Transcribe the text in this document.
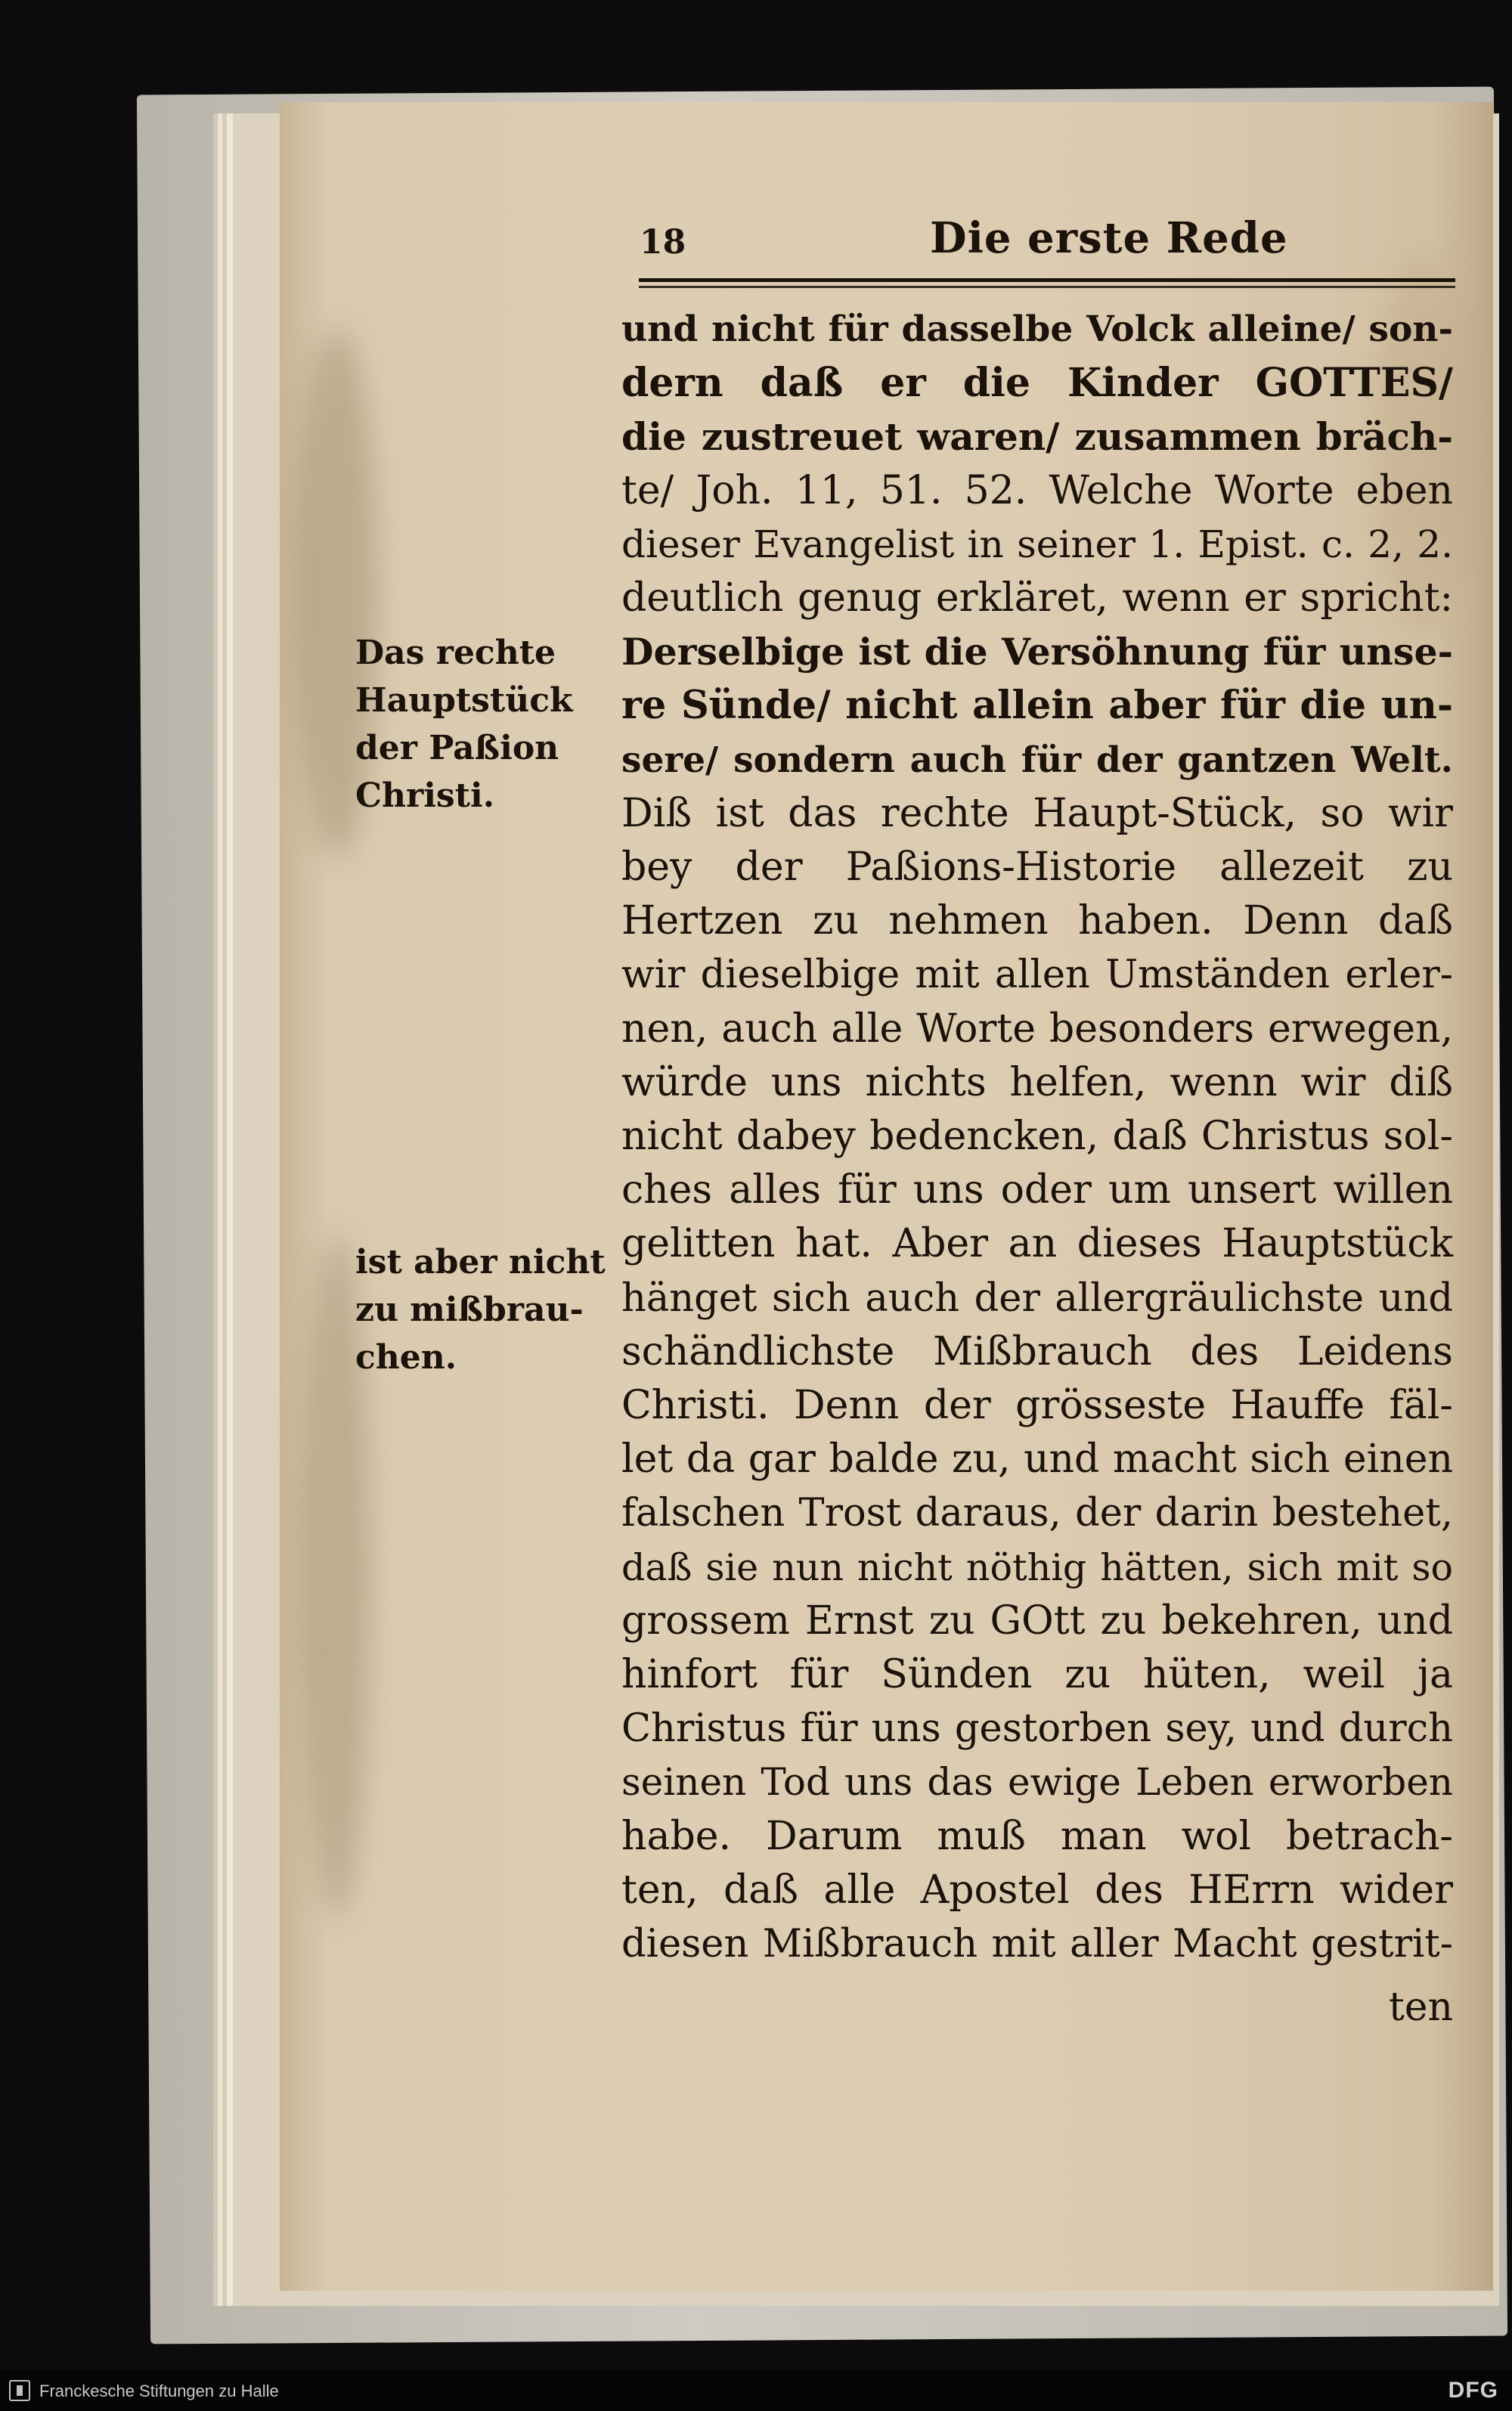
18	Die erste Rede
und nicht für dasselbe Volck alleine/ son-
dern daß er die Kinder GOTTES/
die zustreuet waren/ zusammen bräch-
te/ Joh. 11, 51. 52. Welche Worte eben
dieser Evangelist in seiner 1. Epist. c. 2, 2.
deutlich genug erkläret, wenn er spricht:
Derselbige ist die Versöhnung für unse-
re Sünde/ nicht allein aber für die un-
sere/ sondern auch für der gantzen Welt.
Diß ist das rechte Haupt-Stück, so wir
bey der Paßions-Historie allezeit zu
Hertzen zu nehmen haben. Denn daß
wir dieselbige mit allen Umständen erler-
nen, auch alle Worte besonders erwegen,
würde uns nichts helfen, wenn wir diß
nicht dabey bedencken, daß Christus sol-
ches alles für uns oder um unsert willen
gelitten hat. Aber an dieses Hauptstück
hänget sich auch der allergräulichste und
schändlichste Mißbrauch des Leidens
Christi. Denn der grösseste Hauffe fäl-
let da gar balde zu, und macht sich einen
falschen Trost daraus, der darin bestehet,
daß sie nun nicht nöthig hätten, sich mit so
grossem Ernst zu GOtt zu bekehren, und
hinfort für Sünden zu hüten, weil ja
Christus für uns gestorben sey, und durch
seinen Tod uns das ewige Leben erworben
habe. Darum muß man wol betrach-
ten, daß alle Apostel des HErrn wider
diesen Mißbrauch mit aller Macht gestrit-
Das rechte
Hauptstück
der Paßion
Christi.
ist aber nicht
zu mißbrau-
chen.
ten
Franckesche Stiftungen zu Halle	DFG
